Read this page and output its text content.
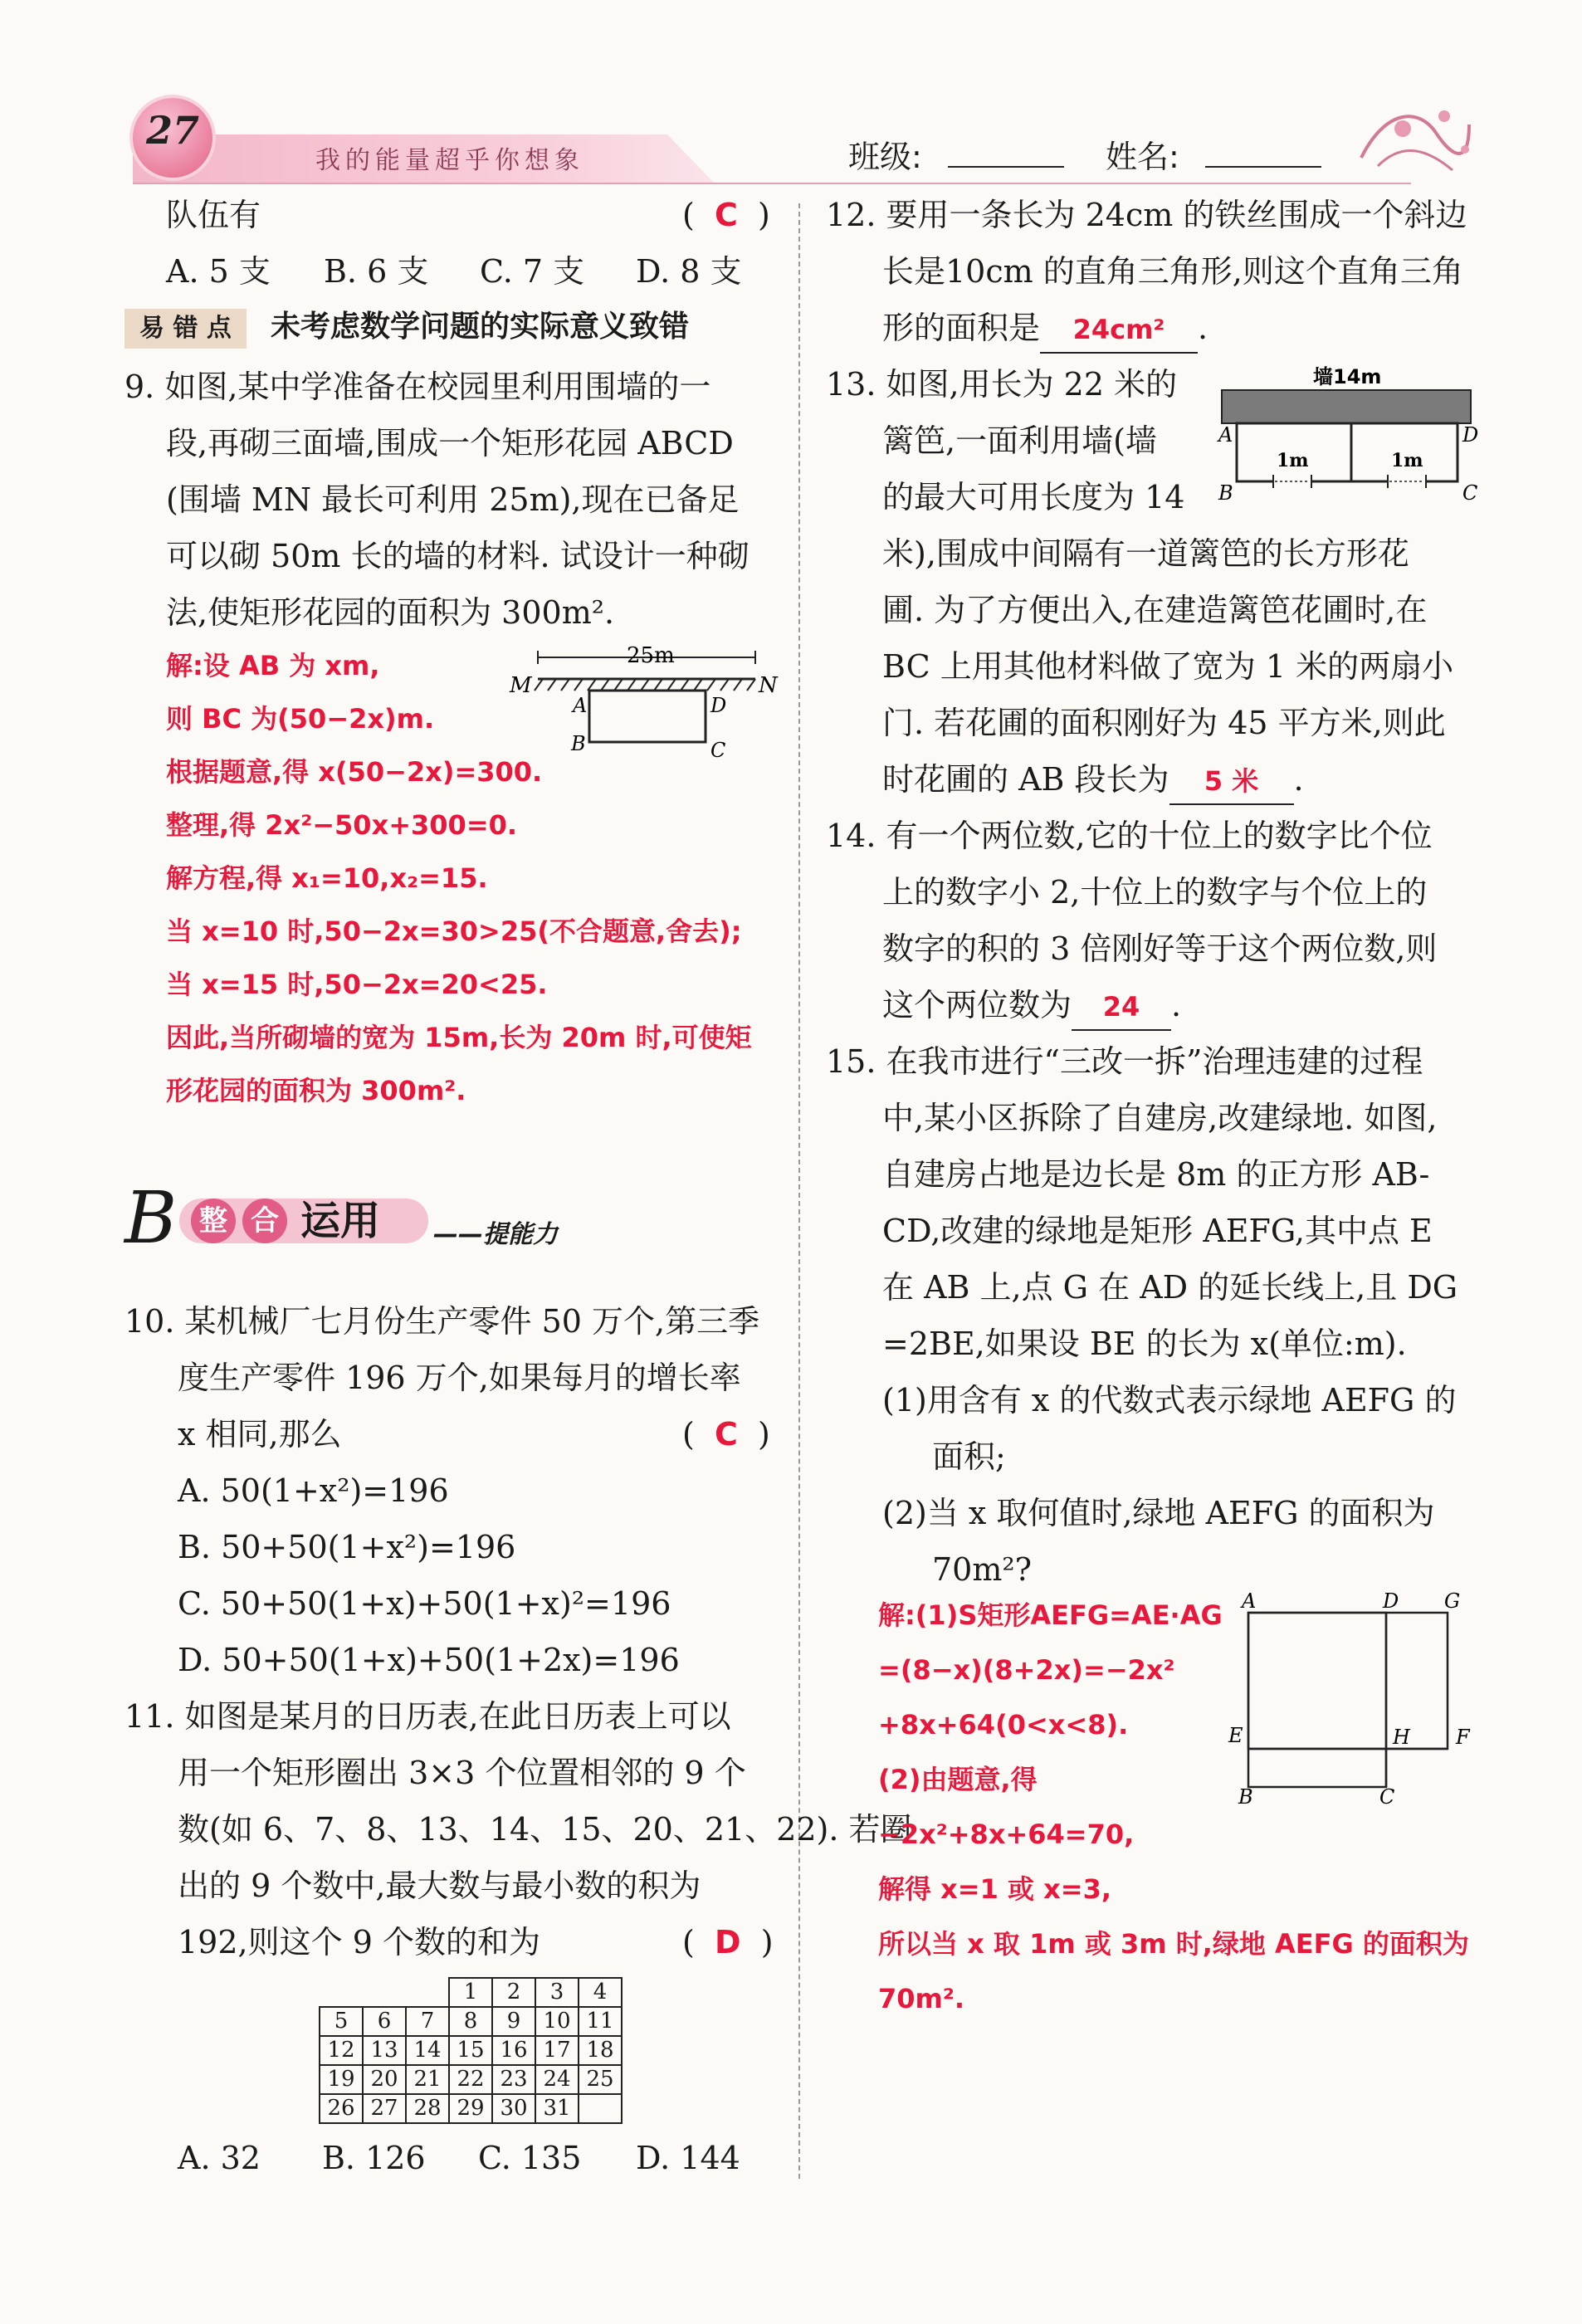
27
我的能量超乎你想象	班级:	姓名:
队伍有	(  C  )
A. 5 支 B. 6 支 C. 7 支 D. 8 支
易 错 点 未考虑数学问题的实际意义致错
9. 如图,某中学准备在校园里利用围墙的一
段,再砌三面墙,围成一个矩形花园 ABCD
(围墙 MN 最长可利用 25m),现在已备足
可以砌 50m 长的墙的材料. 试设计一种砌
法,使矩形花园的面积为 300m².
解:设 AB 为 xm,
则 BC 为(50−2x)m.
根据题意,得 x(50−2x)=300.
整理,得 2x²−50x+300=0.
解方程,得 x₁=10,x₂=15.
当 x=10 时,50−2x=30>25(不合题意,舍去);
当 x=15 时,50−2x=20<25.
因此,当所砌墙的宽为 15m,长为 20m 时,可使矩
形花园的面积为 300m².
25m
M	N
A	D
B	C
B 整 合 运用 ——提能力
10. 某机械厂七月份生产零件 50 万个,第三季
度生产零件 196 万个,如果每月的增长率
x 相同,那么	(  C  )
A. 50(1+x²)=196
B. 50+50(1+x²)=196
C. 50+50(1+x)+50(1+x)²=196
D. 50+50(1+x)+50(1+2x)=196
11. 如图是某月的日历表,在此日历表上可以
用一个矩形圈出 3×3 个位置相邻的 9 个
数(如 6、7、8、13、14、15、20、21、22). 若圈
出的 9 个数中,最大数与最小数的积为
192,则这个 9 个数的和为	(  D  )
			1	2	3	4
5	6	7	8	9	10	11
12	13	14	15	16	17	18
19	20	21	22	23	24	25
26	27	28	29	30	31	
A. 32 B. 126 C. 135 D. 144
12. 要用一条长为 24cm 的铁丝围成一个斜边
长是10cm 的直角三角形,则这个直角三角
形的面积是 24cm² .
13. 如图,用长为 22 米的
篱笆,一面利用墙(墙
的最大可用长度为 14
米),围成中间隔有一道篱笆的长方形花
圃. 为了方便出入,在建造篱笆花圃时,在
BC 上用其他材料做了宽为 1 米的两扇小
门. 若花圃的面积刚好为 45 平方米,则此
时花圃的 AB 段长为 5 米 .
墙14m
1m	1m
A	D
B	C
14. 有一个两位数,它的十位上的数字比个位
上的数字小 2,十位上的数字与个位上的
数字的积的 3 倍刚好等于这个两位数,则
这个两位数为 24 .
15. 在我市进行“三改一拆”治理违建的过程
中,某小区拆除了自建房,改建绿地. 如图,
自建房占地是边长是 8m 的正方形 AB-
CD,改建的绿地是矩形 AEFG,其中点 E
在 AB 上,点 G 在 AD 的延长线上,且 DG
=2BE,如果设 BE 的长为 x(单位:m).
(1)用含有 x 的代数式表示绿地 AEFG 的
面积;
(2)当 x 取何值时,绿地 AEFG 的面积为
70m²?
解:(1)S矩形AEFG=AE·AG
=(8−x)(8+2x)=−2x²
+8x+64(0<x<8).
(2)由题意,得
−2x²+8x+64=70,
解得 x=1 或 x=3,
所以当 x 取 1m 或 3m 时,绿地 AEFG 的面积为
70m².
A	D G
E	H F
B	C
